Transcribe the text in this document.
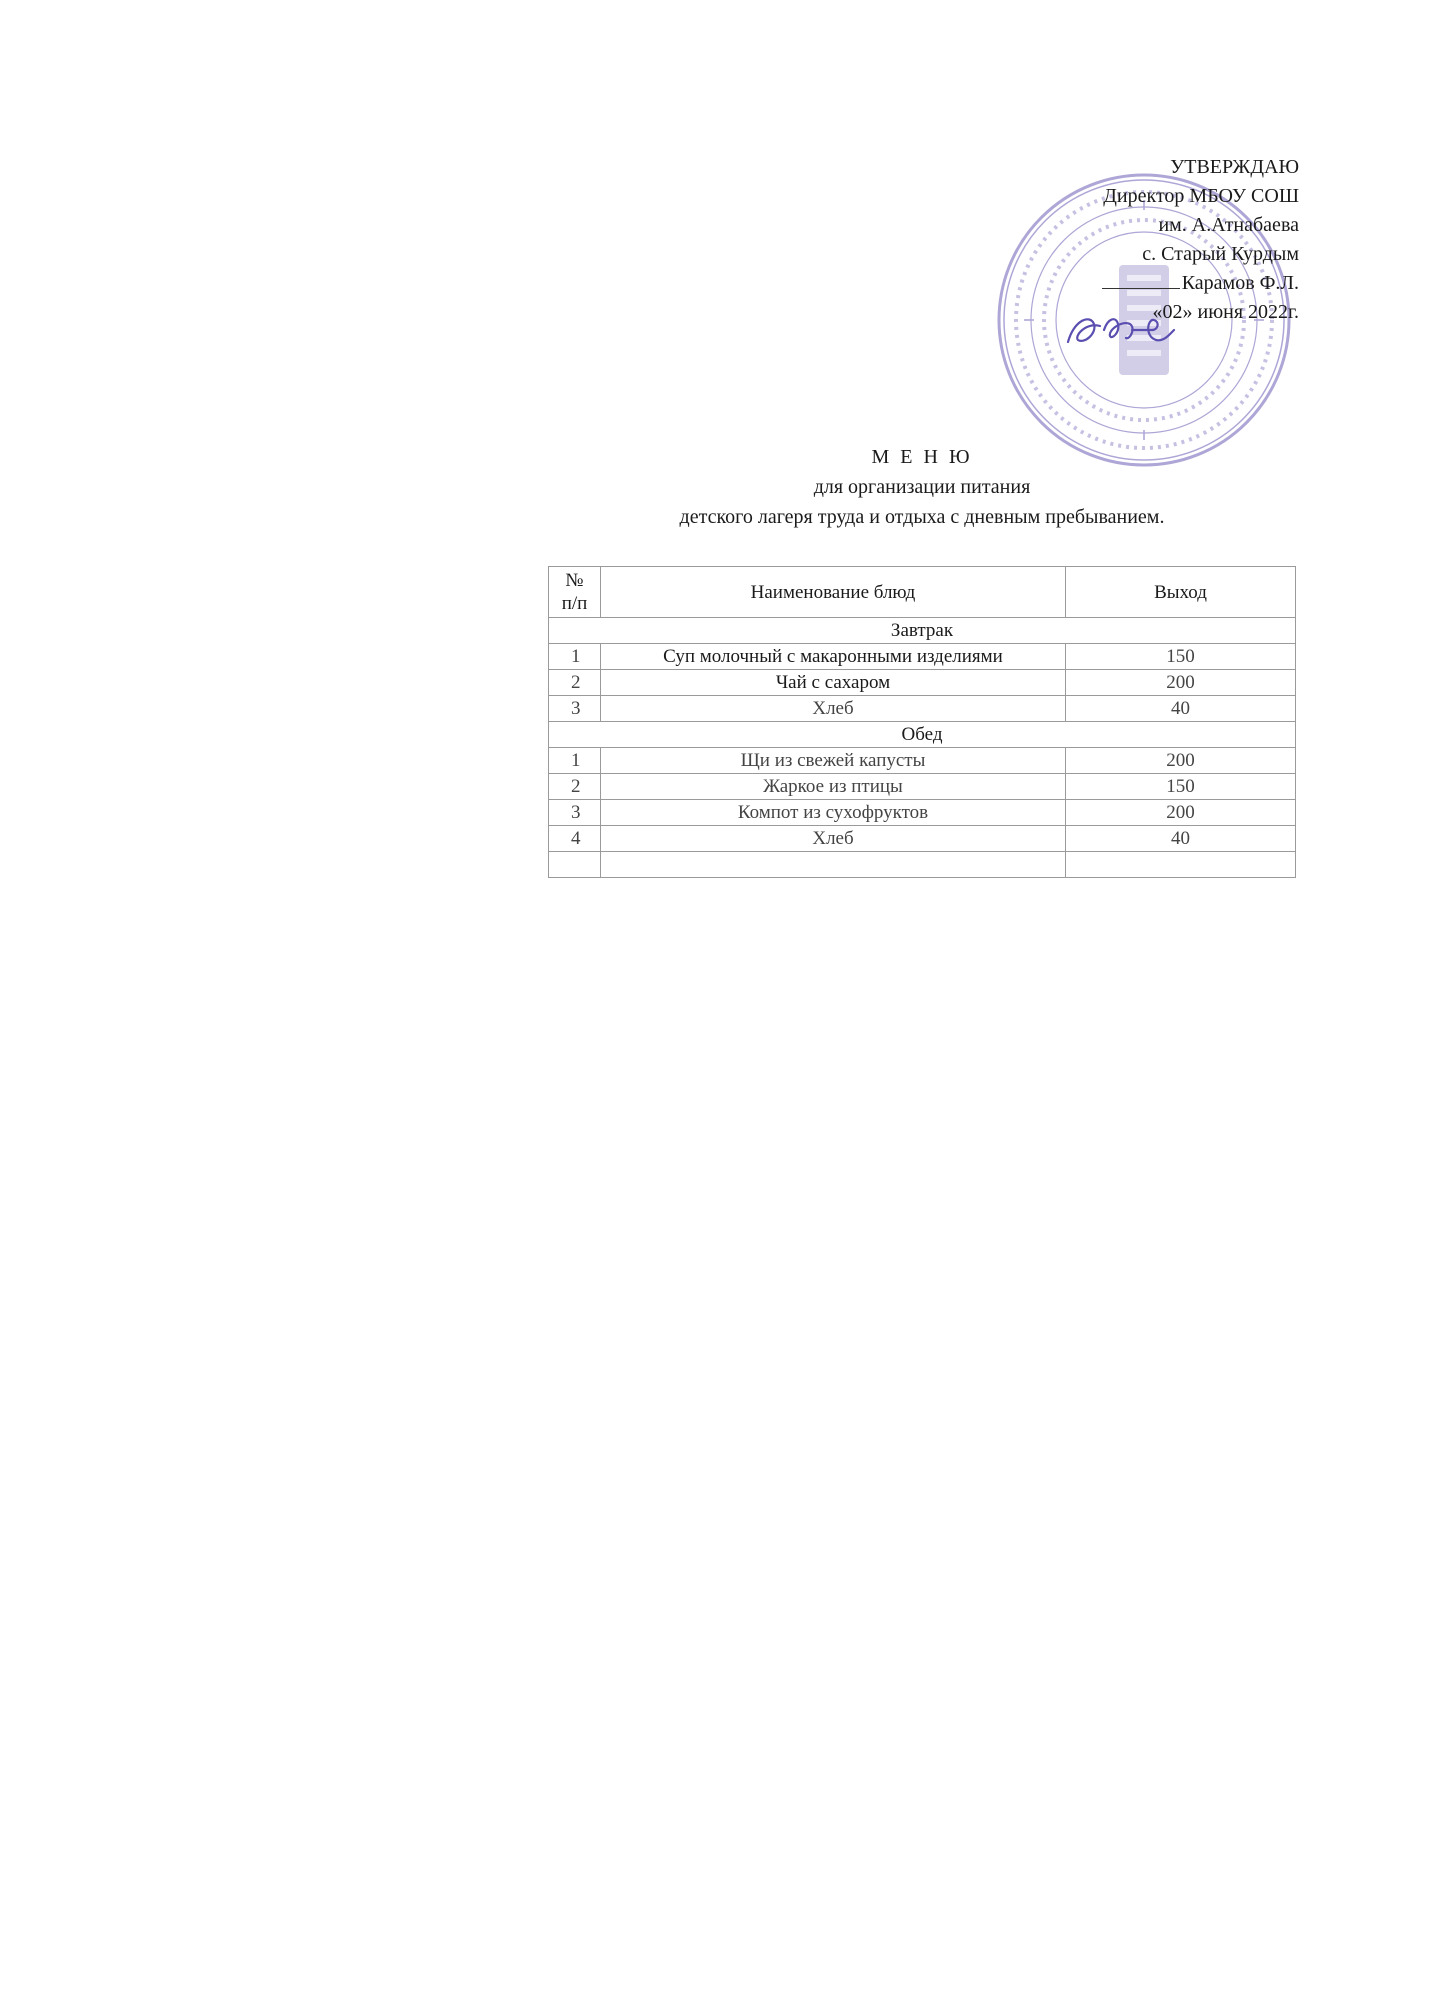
УТВЕРЖДАЮ
Директор МБОУ СОШ
им. А.Атнабаева
с. Старый Курдым
Карамов Ф.Л.
«02» июня 2022г.
М Е Н Ю
для организации питания
детского лагеря труда и отдыха с дневным пребыванием.
№
п/п	Наименование блюд	Выход
Завтрак		
1	Суп молочный с макаронными изделиями	150
2	Чай с сахаром	200
3	Хлеб	40
Обед		
1	Щи из свежей капусты	200
2	Жаркое из птицы	150
3	Компот из сухофруктов	200
4	Хлеб	40
